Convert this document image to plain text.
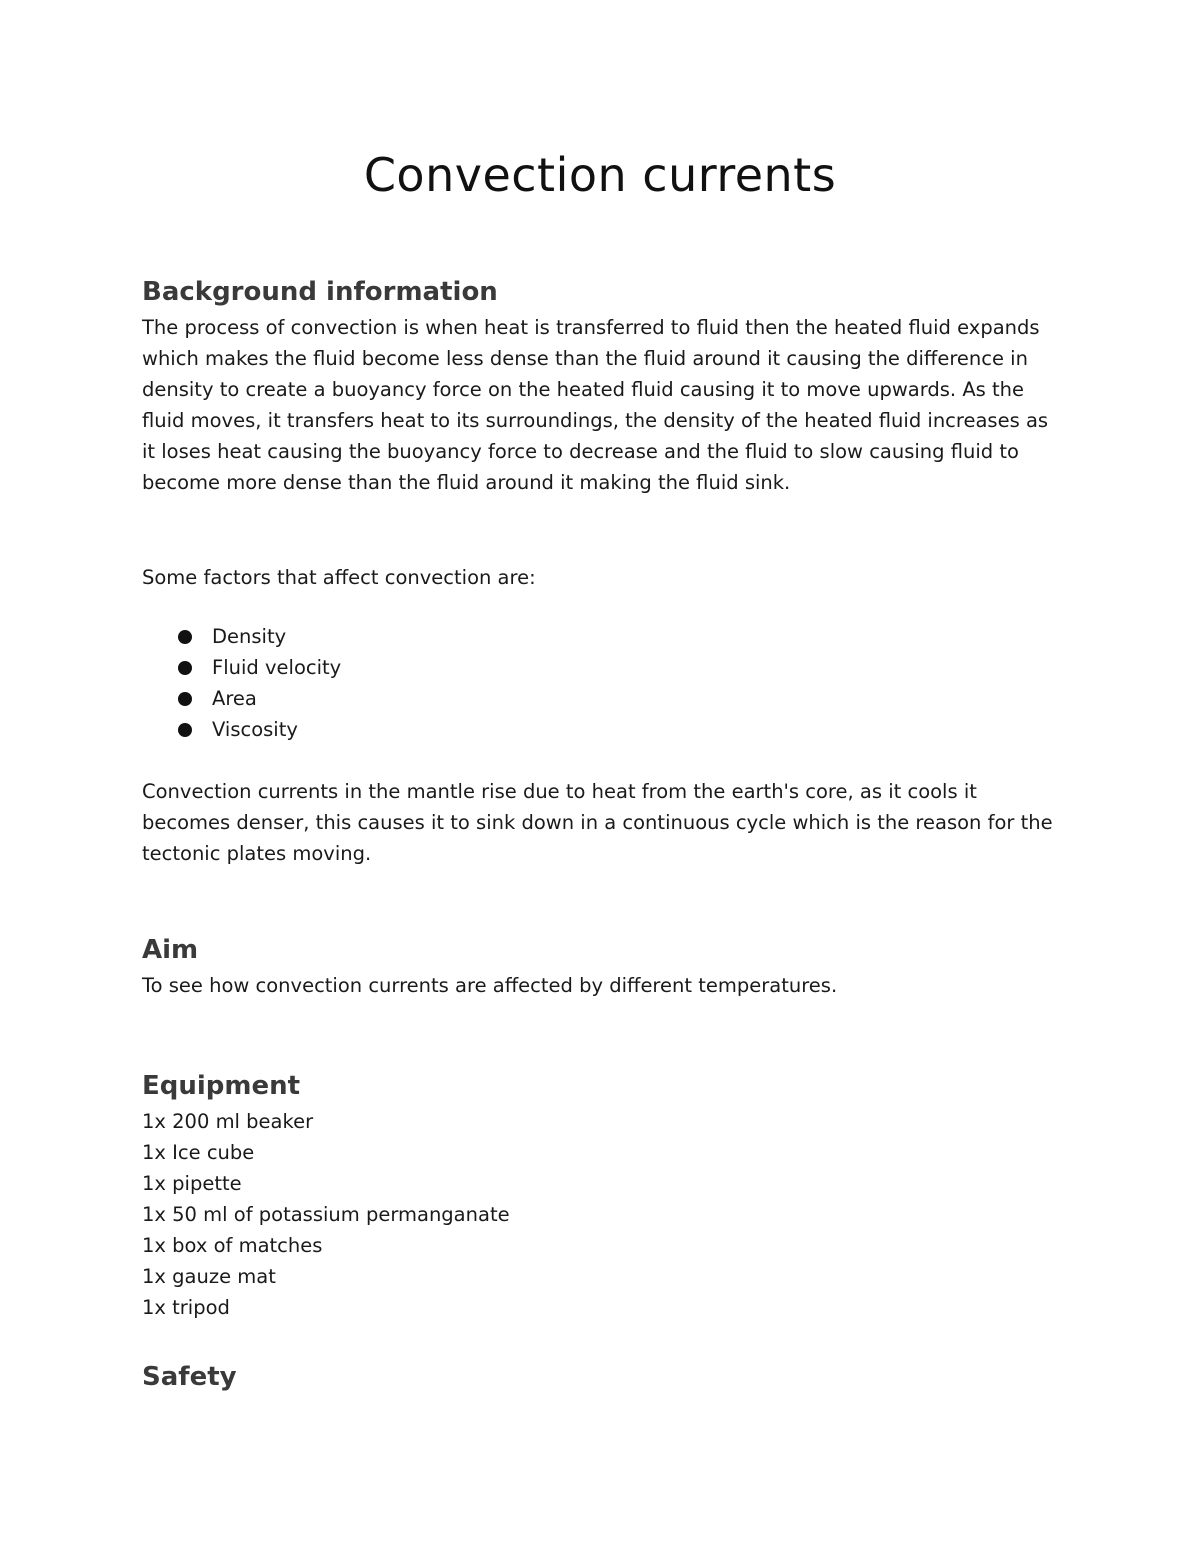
Convection currents
Background information

The process of convection is when heat is transferred to fluid then the heated fluid expands which makes the fluid become less dense than the fluid around it causing the difference in density to create a buoyancy force on the heated fluid causing it to move upwards. As the fluid moves, it transfers heat to its surroundings, the density of the heated fluid increases as it loses heat causing the buoyancy force to decrease and the fluid to slow causing fluid to become more dense than the fluid around it making the fluid sink.

Some factors that affect convection are:

Density
Fluid velocity
Area
Viscosity

Convection currents in the mantle rise due to heat from the earth's core, as it cools it becomes denser, this causes it to sink down in a continuous cycle which is the reason for the tectonic plates moving.

Aim

To see how convection currents are affected by different temperatures.

Equipment
1x 200 ml beaker
1x Ice cube
1x pipette
1x 50 ml of potassium permanganate
1x box of matches
1x gauze mat
1x tripod
Safety
